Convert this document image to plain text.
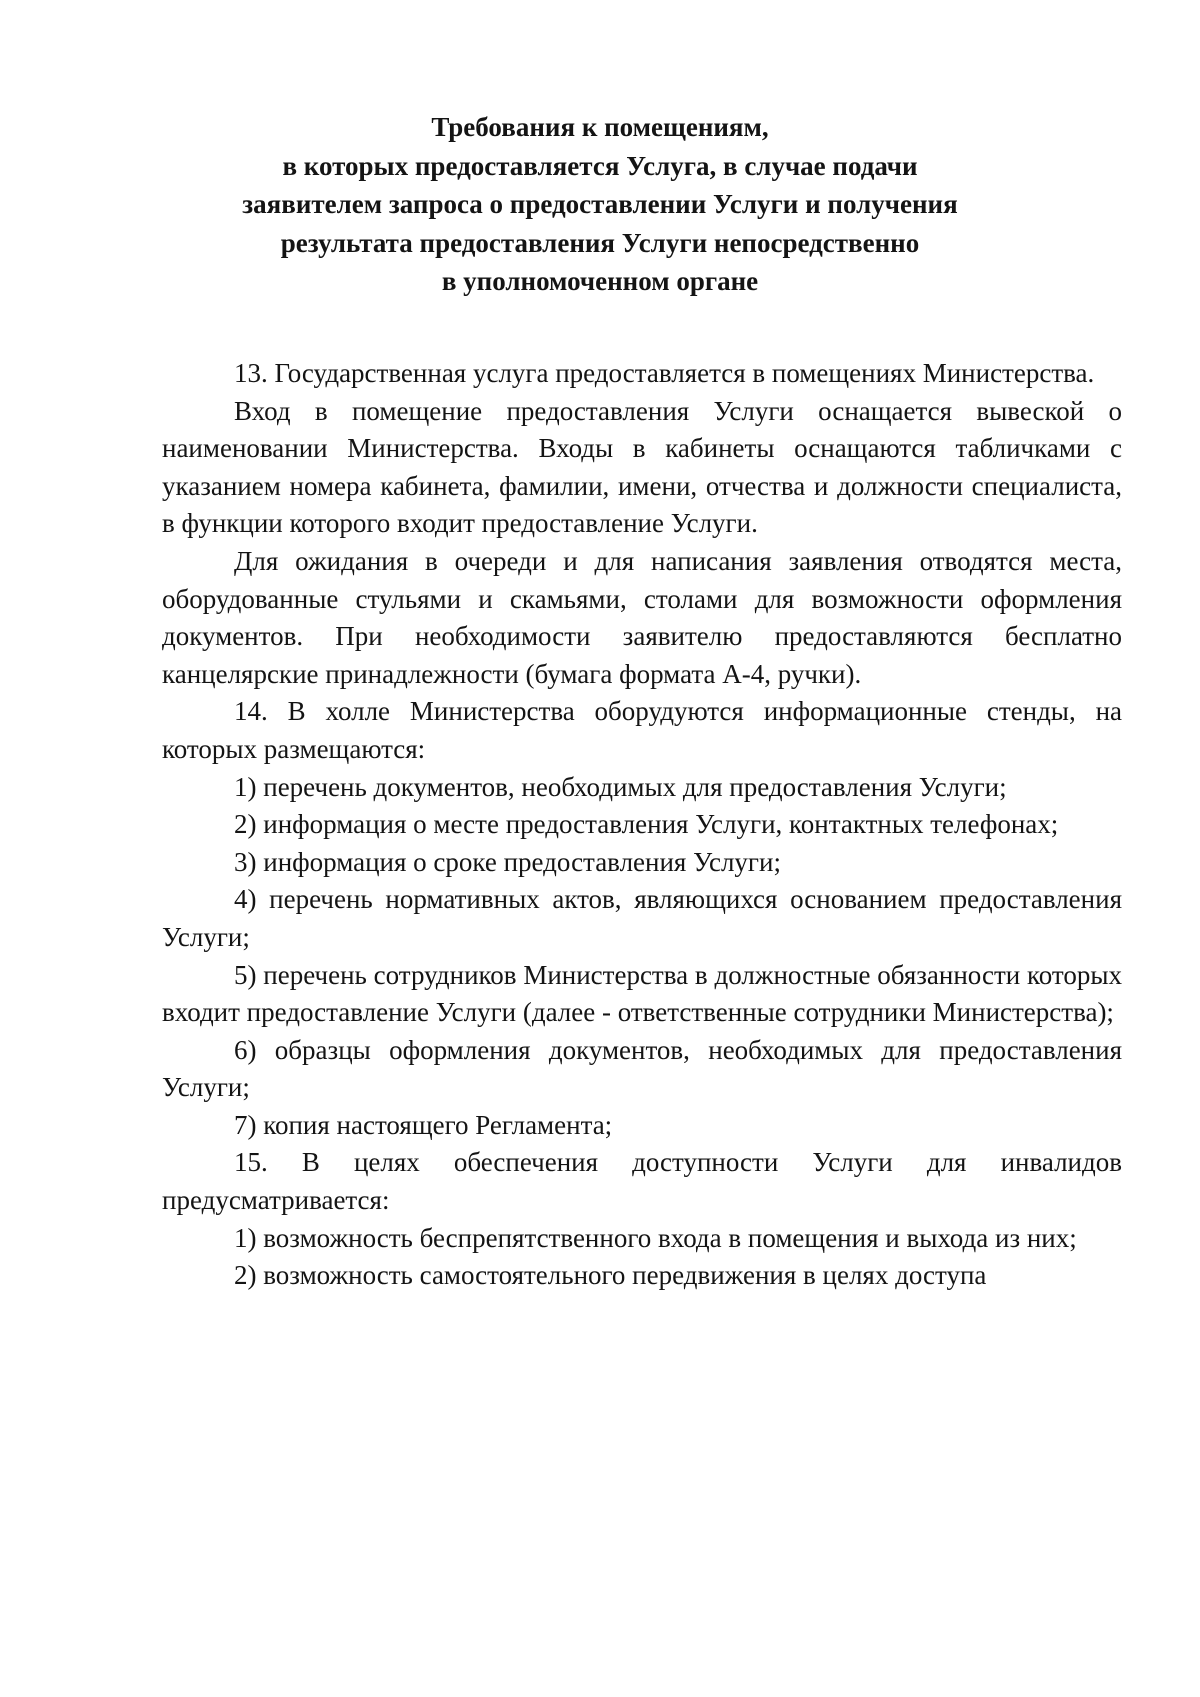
Требования к помещениям,
в которых предоставляется Услуга, в случае подачи
заявителем запроса о предоставлении Услуги и получения
результата предоставления Услуги непосредственно
в уполномоченном органе

13. Государственная услуга предоставляется в помещениях Министерства.

Вход в помещение предоставления Услуги оснащается вывеской о наименовании Министерства. Входы в кабинеты оснащаются табличками с указанием номера кабинета, фамилии, имени, отчества и должности специалиста, в функции которого входит предоставление Услуги.

Для ожидания в очереди и для написания заявления отводятся места, оборудованные стульями и скамьями, столами для возможности оформления документов. При необходимости заявителю предоставляются бесплатно канцелярские принадлежности (бумага формата А-4, ручки).

14. В холле Министерства оборудуются информационные стенды, на которых размещаются:

1) перечень документов, необходимых для предоставления Услуги;

2) информация о месте предоставления Услуги, контактных телефонах;

3) информация о сроке предоставления Услуги;

4) перечень нормативных актов, являющихся основанием предоставления Услуги;

5) перечень сотрудников Министерства в должностные обязанности которых входит предоставление Услуги (далее - ответственные сотрудники Министерства);

6) образцы оформления документов, необходимых для предоставления Услуги;

7) копия настоящего Регламента;

15. В целях обеспечения доступности Услуги для инвалидов предусматривается:

1) возможность беспрепятственного входа в помещения и выхода из них;

2) возможность самостоятельного передвижения в целях доступа
